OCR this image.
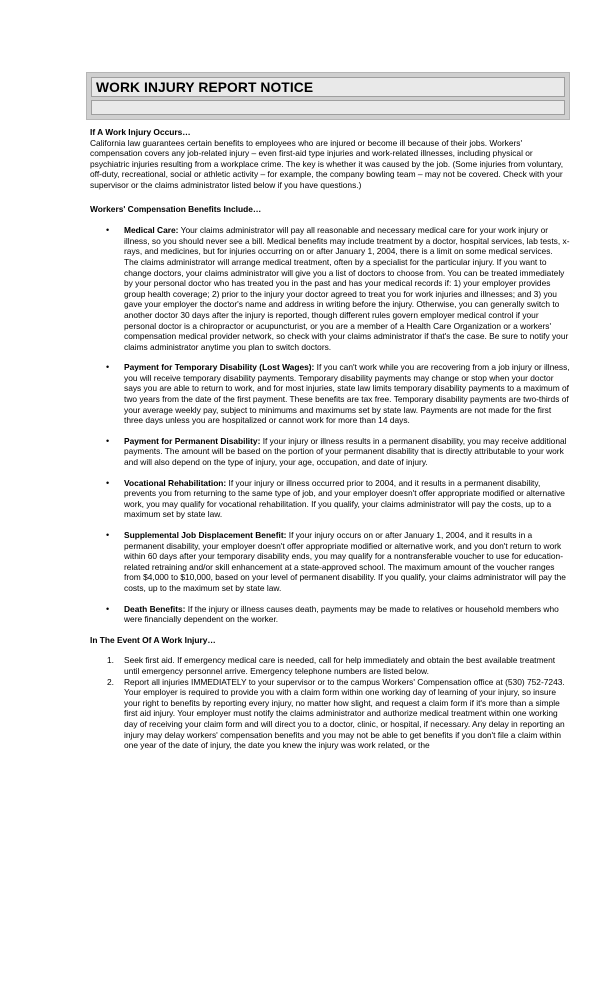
WORK INJURY REPORT NOTICE

If A Work Injury Occurs…

California law guarantees certain benefits to employees who are injured or become ill because of their jobs. Workers' compensation covers any job-related injury – even first-aid type injuries and work-related illnesses, including physical or psychiatric injuries resulting from a workplace crime. The key is whether it was caused by the job. (Some injuries from voluntary, off-duty, recreational, social or athletic activity – for example, the company bowling team – may not be covered. Check with your supervisor or the claims administrator listed below if you have questions.)

Workers' Compensation Benefits Include…

• Medical Care: Your claims administrator will pay all reasonable and necessary medical care for your work injury or illness, so you should never see a bill. Medical benefits may include treatment by a doctor, hospital services, lab tests, x-rays, and medicines, but for injuries occurring on or after January 1, 2004, there is a limit on some medical services.
The claims administrator will arrange medical treatment, often by a specialist for the particular injury. If you want to change doctors, your claims administrator will give you a list of doctors to choose from. You can be treated immediately by your personal doctor who has treated you in the past and has your medical records if: 1) your employer provides group health coverage; 2) prior to the injury your doctor agreed to treat you for work injuries and illnesses; and 3) you gave your employer the doctor's name and address in writing before the injury. Otherwise, you can generally switch to another doctor 30 days after the injury is reported, though different rules govern employer medical control if your personal doctor is a chiropractor or acupuncturist, or you are a member of a Health Care Organization or a workers' compensation medical provider network, so check with your claims administrator if that's the case. Be sure to notify your claims administrator anytime you plan to switch doctors.
• Payment for Temporary Disability (Lost Wages): If you can't work while you are recovering from a job injury or illness, you will receive temporary disability payments. Temporary disability payments may change or stop when your doctor says you are able to return to work, and for most injuries, state law limits temporary disability payments to a maximum of two years from the date of the first payment. These benefits are tax free. Temporary disability payments are two-thirds of your average weekly pay, subject to minimums and maximums set by state law. Payments are not made for the first three days unless you are hospitalized or cannot work for more than 14 days.
• Payment for Permanent Disability: If your injury or illness results in a permanent disability, you may receive additional payments. The amount will be based on the portion of your permanent disability that is directly attributable to your work and will also depend on the type of injury, your age, occupation, and date of injury.
• Vocational Rehabilitation: If your injury or illness occurred prior to 2004, and it results in a permanent disability, prevents you from returning to the same type of job, and your employer doesn't offer appropriate modified or alternative work, you may qualify for vocational rehabilitation. If you qualify, your claims administrator will pay the costs, up to a maximum set by state law.
• Supplemental Job Displacement Benefit: If your injury occurs on or after January 1, 2004, and it results in a permanent disability, your employer doesn't offer appropriate modified or alternative work, and you don't return to work within 60 days after your temporary disability ends, you may qualify for a nontransferable voucher to use for education-related retraining and/or skill enhancement at a state-approved school. The maximum amount of the voucher ranges from $4,000 to $10,000, based on your level of permanent disability. If you qualify, your claims administrator will pay the costs, up to the maximum set by state law.
• Death Benefits: If the injury or illness causes death, payments may be made to relatives or household members who were financially dependent on the worker.

In The Event Of A Work Injury…

1. Seek first aid. If emergency medical care is needed, call for help immediately and obtain the best available treatment until emergency personnel arrive. Emergency telephone numbers are listed below.
2. Report all injuries IMMEDIATELY to your supervisor or to the campus Workers' Compensation office at (530) 752-7243. Your employer is required to provide you with a claim form within one working day of learning of your injury, so insure your right to benefits by reporting every injury, no matter how slight, and request a claim form if it's more than a simple first aid injury. Your employer must notify the claims administrator and authorize medical treatment within one working day of receiving your claim form and will direct you to a doctor, clinic, or hospital, if necessary. Any delay in reporting an injury may delay workers' compensation benefits and you may not be able to get benefits if you don't file a claim within one year of the date of injury, the date you knew the injury was work related, or the
